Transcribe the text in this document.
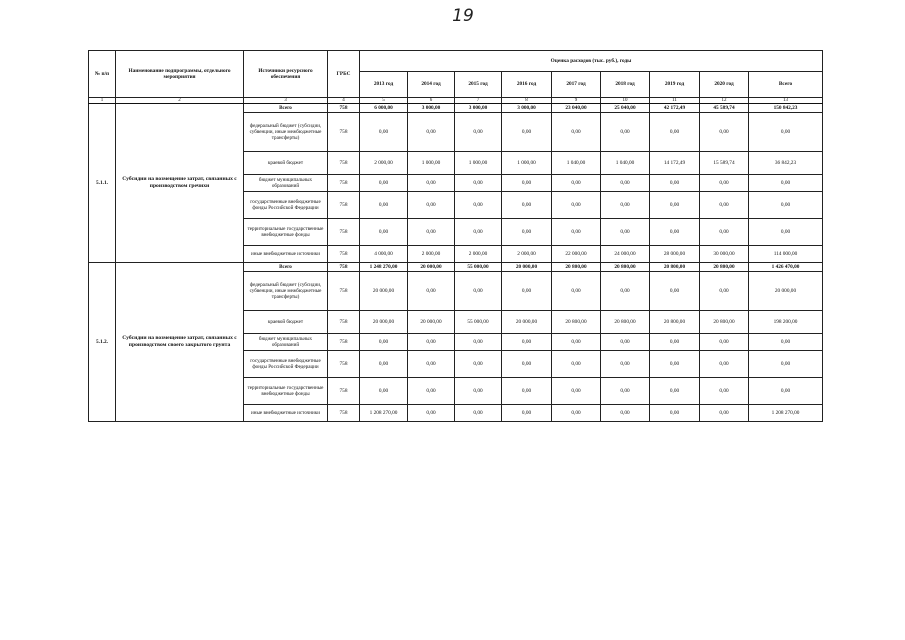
19
№ п/п	Наименование подпрограммы, отдельного мероприятия	Источники ресурсного обеспечения	ГРБС	Оценка расходов (тыс. руб.), годы								
				2013 год	2014 год	2015 год	2016 год	2017 год	2018 год	2019 год	2020 год	Всего
1	2	3	4	5	6	7	8	9	10	11	12	13
5.1.1.	Субсидии на возмещение затрат, связанных с производством гречихи	Всего	758	6 000,00	3 000,00	3 000,00	3 000,00	23 040,00	25 040,00	42 172,49	45 589,74	150 842,23
		федеральный бюджет (субсидии, субвенции, иные межбюджетные трансферты)	758	0,00	0,00	0,00	0,00	0,00	0,00	0,00	0,00	0,00
		краевой бюджет	758	2 000,00	1 000,00	1 000,00	1 000,00	1 040,00	1 040,00	14 172,49	15 589,74	36 842,23
		бюджет муниципальных образований	758	0,00	0,00	0,00	0,00	0,00	0,00	0,00	0,00	0,00
		государственные внебюджетные фонды Российской Федерации	758	0,00	0,00	0,00	0,00	0,00	0,00	0,00	0,00	0,00
		территориальные государственные внебюджетные фонды	758	0,00	0,00	0,00	0,00	0,00	0,00	0,00	0,00	0,00
		иные внебюджетные источники	758	4 000,00	2 000,00	2 000,00	2 000,00	22 000,00	24 000,00	28 000,00	30 000,00	114 000,00
5.1.2.	Субсидии на возмещение затрат, связанных с производством своего закрытого грунта	Всего	758	1 248 270,00	20 000,00	55 000,00	20 000,00	20 800,00	20 800,00	20 800,00	20 800,00	1 426 470,00
		федеральный бюджет (субсидии, субвенции, иные межбюджетные трансферты)	758	20 000,00	0,00	0,00	0,00	0,00	0,00	0,00	0,00	20 000,00
		краевой бюджет	758	20 000,00	20 000,00	55 000,00	20 000,00	20 800,00	20 800,00	20 800,00	20 800,00	198 200,00
		бюджет муниципальных образований	758	0,00	0,00	0,00	0,00	0,00	0,00	0,00	0,00	0,00
		государственные внебюджетные фонды Российской Федерации	758	0,00	0,00	0,00	0,00	0,00	0,00	0,00	0,00	0,00
		территориальные государственные внебюджетные фонды	758	0,00	0,00	0,00	0,00	0,00	0,00	0,00	0,00	0,00
		иные внебюджетные источники	758	1 208 270,00	0,00	0,00	0,00	0,00	0,00	0,00	0,00	1 208 270,00
